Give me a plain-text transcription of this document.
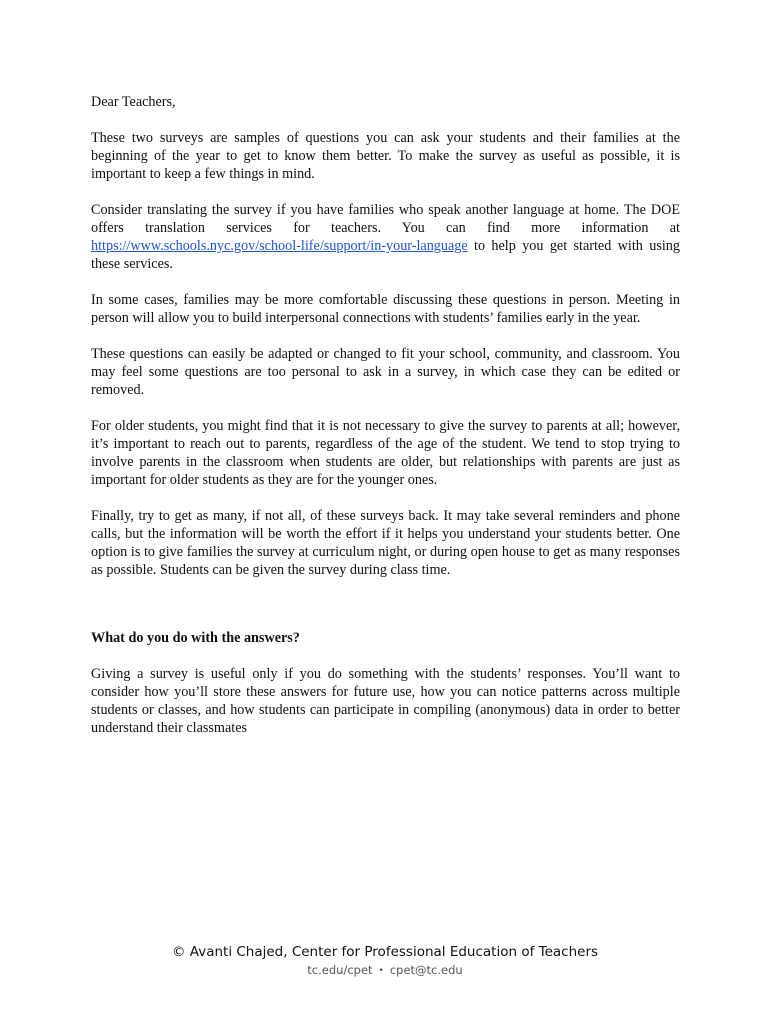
Dear Teachers,

These two surveys are samples of questions you can ask your students and their families at the beginning of the year to get to know them better. To make the survey as useful as possible, it is important to keep a few things in mind.

Consider translating the survey if you have families who speak another language at home. The DOE offers translation services for teachers. You can find more information at https://www.schools.nyc.gov/school-life/support/in-your-language to help you get started with using these services.

In some cases, families may be more comfortable discussing these questions in person. Meeting in person will allow you to build interpersonal connections with students’ families early in the year.

These questions can easily be adapted or changed to fit your school, community, and classroom. You may feel some questions are too personal to ask in a survey, in which case they can be edited or removed.

For older students, you might find that it is not necessary to give the survey to parents at all; however, it’s important to reach out to parents, regardless of the age of the student. We tend to stop trying to involve parents in the classroom when students are older, but relationships with parents are just as important for older students as they are for the younger ones.

Finally, try to get as many, if not all, of these surveys back. It may take several reminders and phone calls, but the information will be worth the effort if it helps you understand your students better. One option is to give families the survey at curriculum night, or during open house to get as many responses as possible. Students can be given the survey during class time.

What do you do with the answers?

Giving a survey is useful only if you do something with the students’ responses. You’ll want to consider how you’ll store these answers for future use, how you can notice patterns across multiple students or classes, and how students can participate in compiling (anonymous) data in order to better understand their classmates

© Avanti Chajed, Center for Professional Education of Teachers
tc.edu/cpet • cpet@tc.edu
